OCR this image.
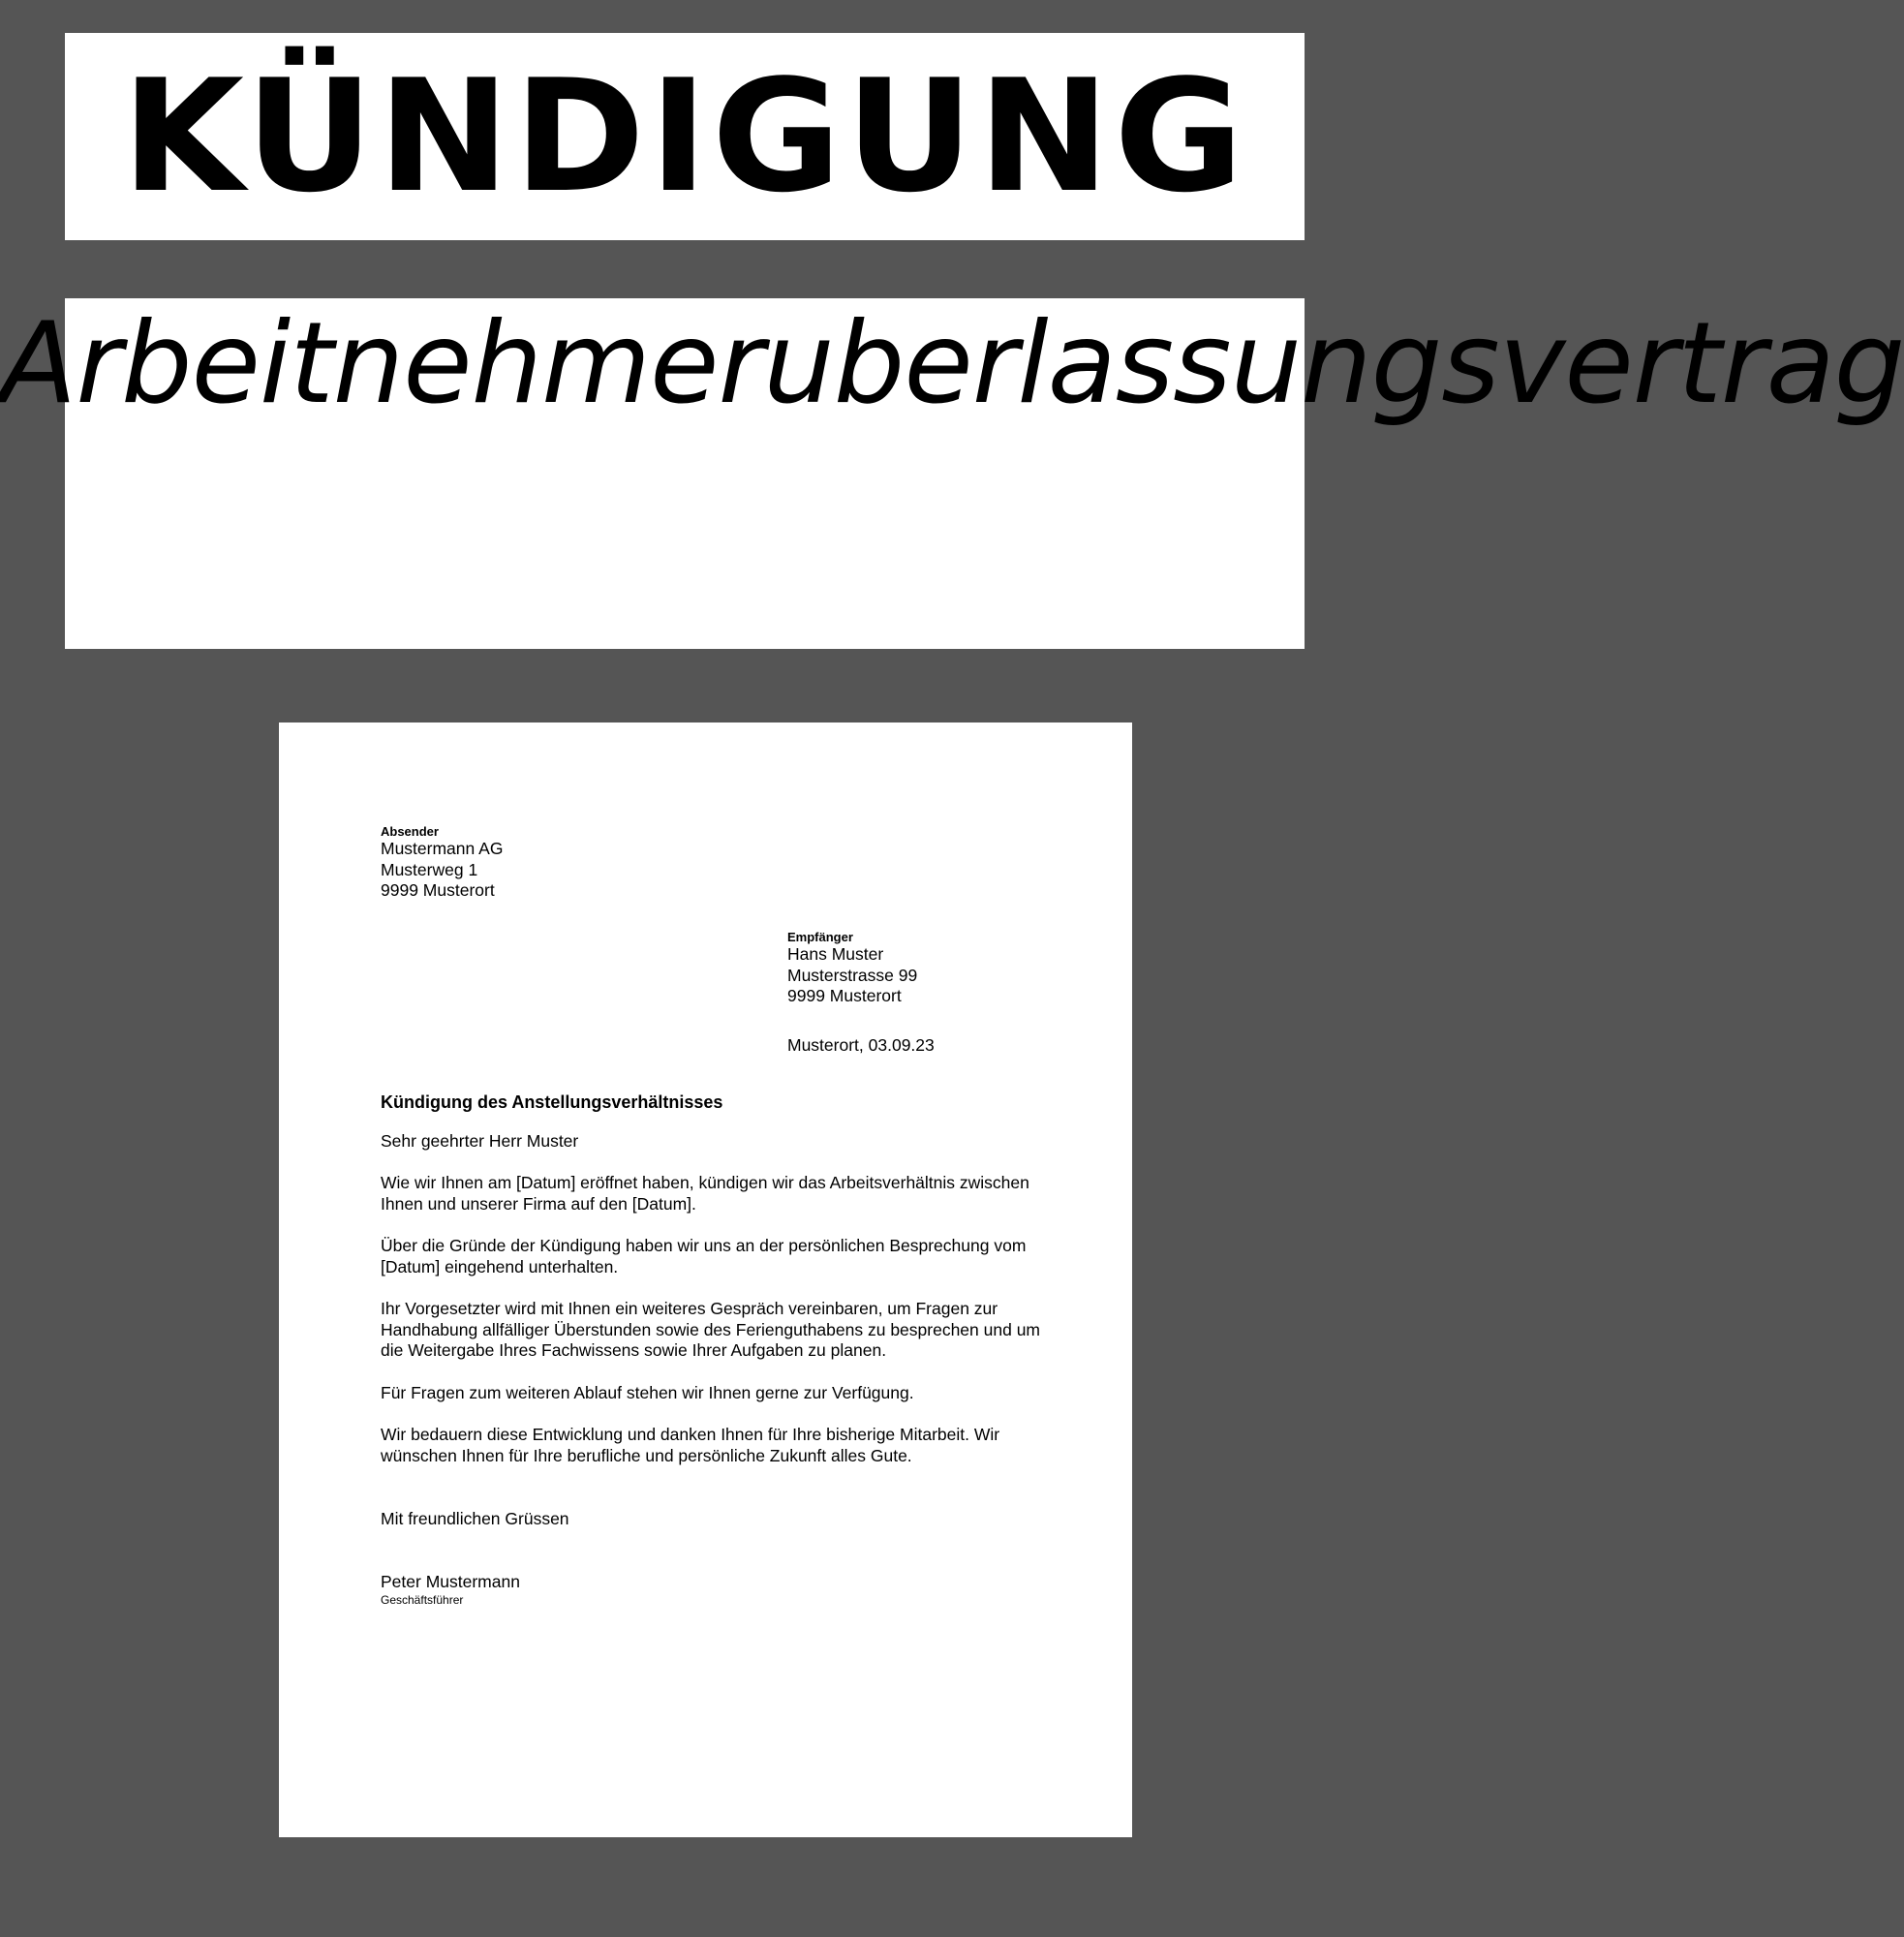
KÜNDIGUNG
Arbeitnehmeruberlassungsvertrag
Absender
Mustermann AG
Musterweg 1
9999 Musterort
Empfänger
Hans Muster
Musterstrasse 99
9999 Musterort
Musterort, 03.09.23
Kündigung des Anstellungsverhältnisses
Sehr geehrter Herr Muster
Wie wir Ihnen am [Datum] eröffnet haben, kündigen wir das Arbeitsverhältnis zwischen Ihnen und unserer Firma auf den [Datum].
Über die Gründe der Kündigung haben wir uns an der persönlichen Besprechung vom [Datum] eingehend unterhalten.
Ihr Vorgesetzter wird mit Ihnen ein weiteres Gespräch vereinbaren, um Fragen zur Handhabung allfälliger Überstunden sowie des Ferienguthabens zu besprechen und um die Weitergabe Ihres Fachwissens sowie Ihrer Aufgaben zu planen.
Für Fragen zum weiteren Ablauf stehen wir Ihnen gerne zur Verfügung.
Wir bedauern diese Entwicklung und danken Ihnen für Ihre bisherige Mitarbeit. Wir wünschen Ihnen für Ihre berufliche und persönliche Zukunft alles Gute.
Mit freundlichen Grüssen
Peter Mustermann
Geschäftsführer
